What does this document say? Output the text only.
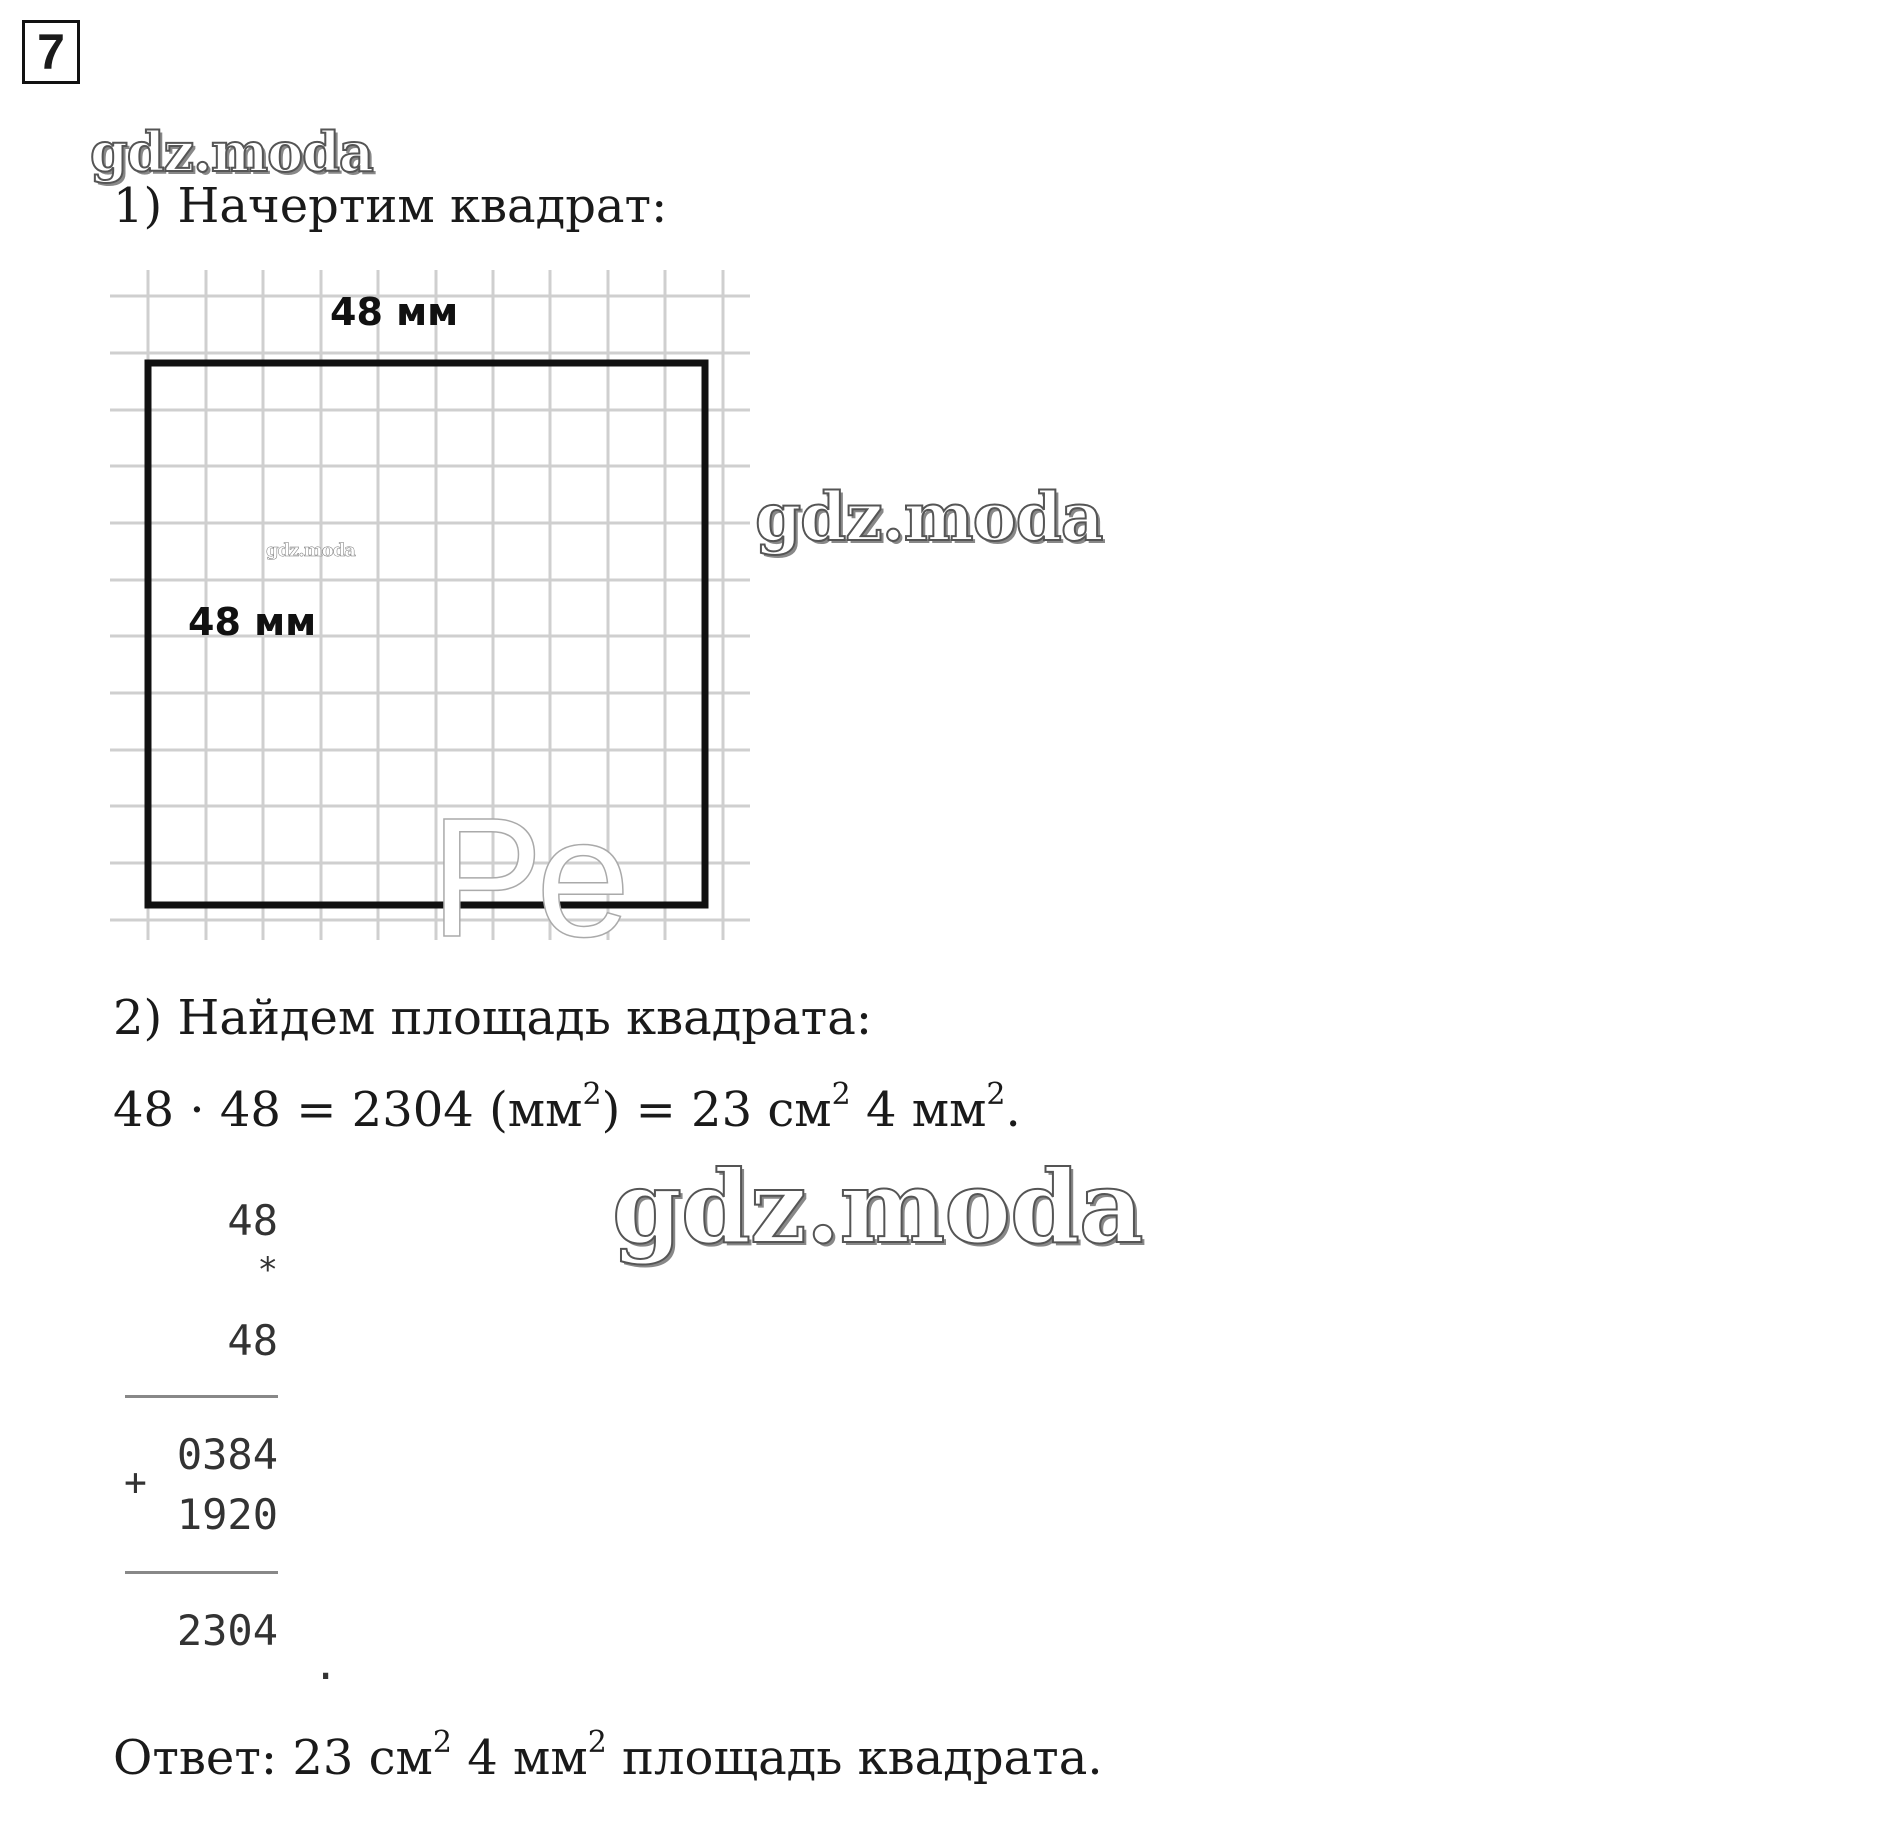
7
gdz.moda
1) Начертим квадрат:
48 мм
48 мм
gdz.moda
Ре
gdz.moda
2) Найдем площадь квадрата:
48 · 48 = 2304 $(мм^2) = 23$ $см^2$ 4 $мм^2$.
gdz.moda
48
*
48
0384
+
1920
2304
.
Ответ: 23 $см^2$ 4 $мм^2$ площадь квадрата.
